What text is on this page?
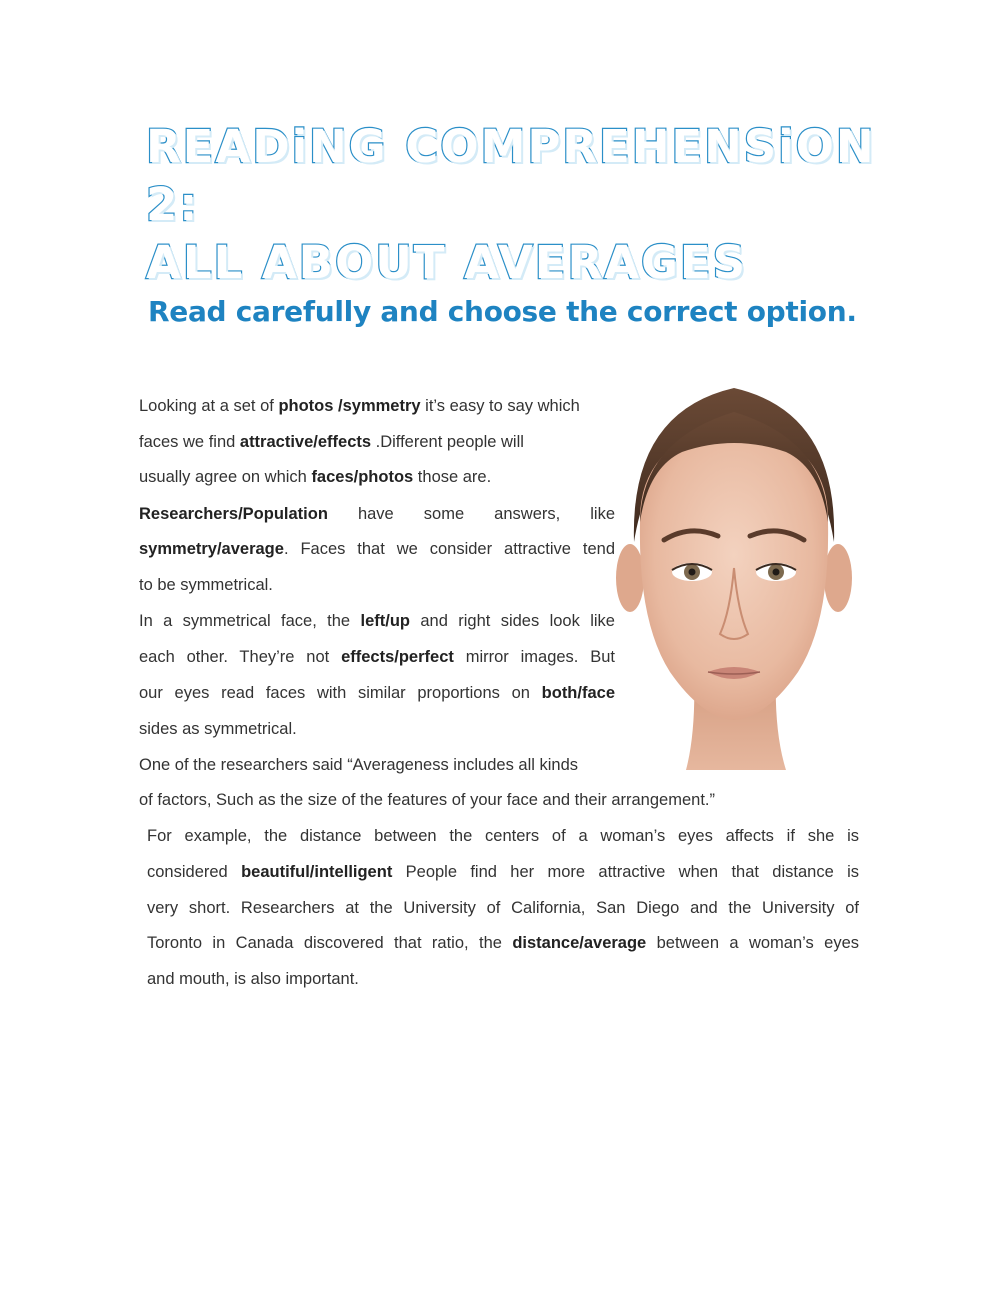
READiNG COMPREHENSiON 2:
ALL ABOUT AVERAGES

Read carefully and choose the correct option.

Looking at a set of photos /symmetry it’s easy to say which
faces we find attractive/effects .Different people will
usually agree on which faces/photos those are.
Researchers/Population have some answers, like
symmetry/average. Faces that we consider attractive tend
to be symmetrical.
In a symmetrical face, the left/up and right sides look like
each other. They’re not effects/perfect mirror images. But
our eyes read faces with similar proportions on both/face
sides as symmetrical.
One of the researchers said “Averageness includes all kinds
of factors, Such as the size of the features of your face and their arrangement.”
For example, the distance between the centers of a woman’s eyes affects if she is
considered beautiful/intelligent People find her more attractive when that distance is
very short. Researchers at the University of California, San Diego and the University of
Toronto in Canada discovered that ratio, the distance/average between a woman’s eyes
and mouth, is also important.
